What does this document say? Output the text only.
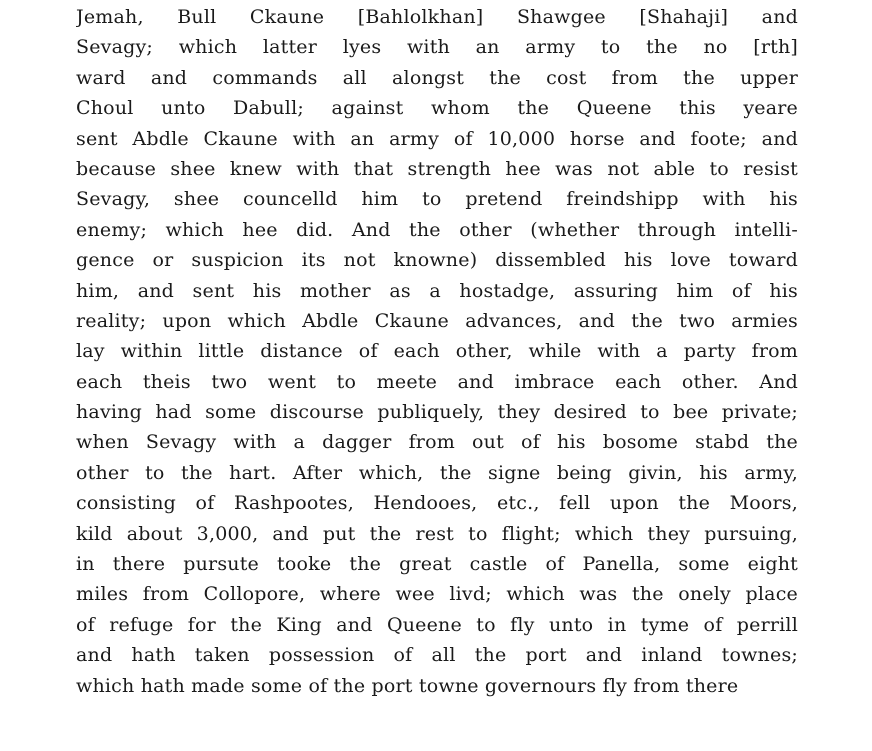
Jemah, Bull Ckaune [Bahlolkhan] Shawgee [Shahaji] and
Sevagy; which latter lyes with an army to the no [rth]
ward and commands all alongst the cost from the upper
Choul unto Dabull; against whom the Queene this yeare
sent Abdle Ckaune with an army of 10,000 horse and foote; and
because shee knew with that strength hee was not able to resist
Sevagy, shee councelld him to pretend freindshipp with his
enemy; which hee did. And the other (whether through intelli-
gence or suspicion its not knowne) dissembled his love toward
him, and sent his mother as a hostadge, assuring him of his
reality; upon which Abdle Ckaune advances, and the two armies
lay within little distance of each other, while with a party from
each theis two went to meete and imbrace each other. And
having had some discourse publiquely, they desired to bee private;
when Sevagy with a dagger from out of his bosome stabd the
other to the hart. After which, the signe being givin, his army,
consisting of Rashpootes, Hendooes, etc., fell upon the Moors,
kild about 3,000, and put the rest to flight; which they pursuing,
in there pursute tooke the great castle of Panella, some eight
miles from Collopore, where wee livd; which was the onely place
of refuge for the King and Queene to fly unto in tyme of perrill
and hath taken possession of all the port and inland townes;
which hath made some of the port towne governours fly from there
